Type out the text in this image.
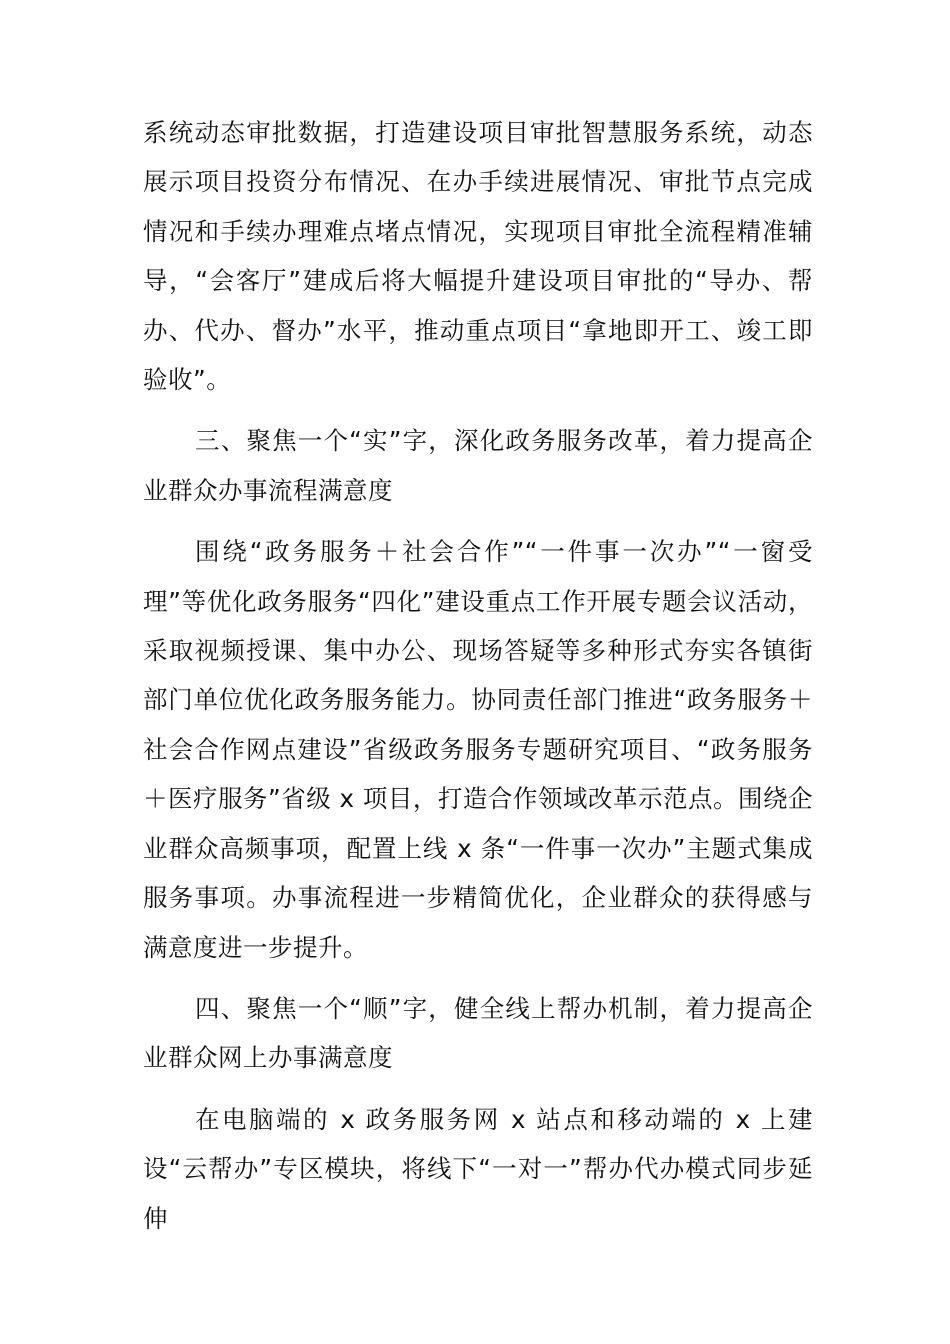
系统动态审批数据，打造建设项目审批智慧服务系统，动态展示项目投资分布情况、在办手续进展情况、审批节点完成情况和手续办理难点堵点情况，实现项目审批全流程精准辅导，“会客厅”建成后将大幅提升建设项目审批的“导办、帮办、代办、督办”水平，推动重点项目“拿地即开工、竣工即验收”。

三、聚焦一个“实”字，深化政务服务改革，着力提高企业群众办事流程满意度

围绕“政务服务＋社会合作”“一件事一次办”“一窗受理”等优化政务服务“四化”建设重点工作开展专题会议活动，采取视频授课、集中办公、现场答疑等多种形式夯实各镇街部门单位优化政务服务能力。协同责任部门推进“政务服务＋社会合作网点建设”省级政务服务专题研究项目、“政务服务＋医疗服务”省级 x 项目，打造合作领域改革示范点。围绕企业群众高频事项，配置上线 x 条“一件事一次办”主题式集成服务事项。办事流程进一步精简优化，企业群众的获得感与满意度进一步提升。

四、聚焦一个“顺”字，健全线上帮办机制，着力提高企业群众网上办事满意度

在电脑端的 x 政务服务网 x 站点和移动端的 x 上建设“云帮办”专区模块，将线下“一对一”帮办代办模式同步延伸
